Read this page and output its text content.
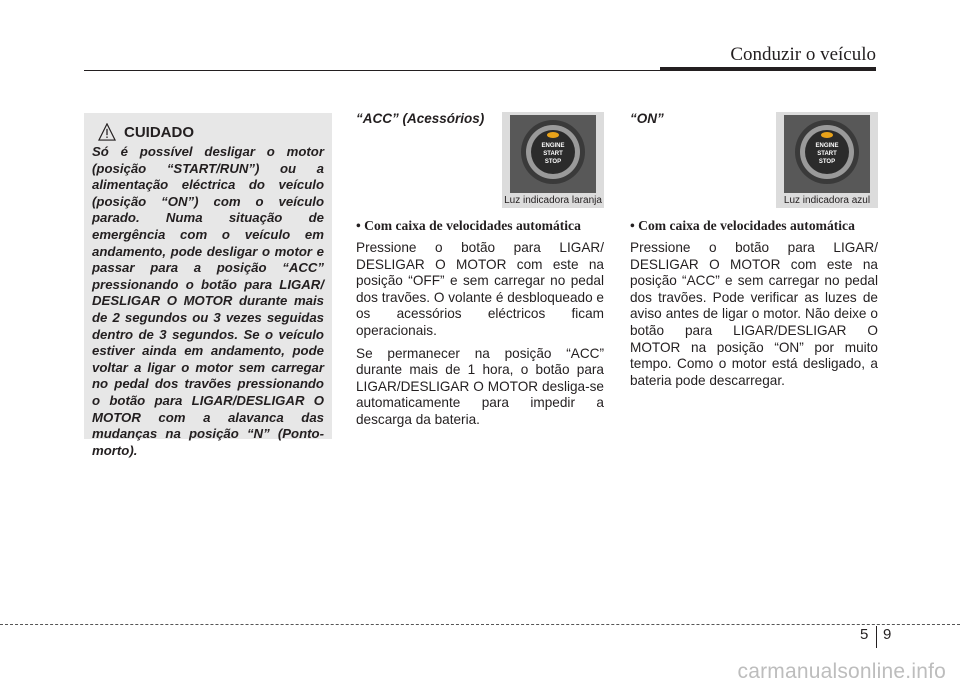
Conduzir o veículo
CUIDADO

Só é possível desligar o motor (posição “START/RUN”) ou a alimentação eléctrica do veículo (posição “ON”) com o veículo parado. Numa situação de emergência com o veículo em andamento, pode desligar o motor e passar para a posição “ACC” pressionando o botão para LIGAR/ DESLIGAR O MOTOR durante mais de 2 segundos ou 3 vezes seguidas dentro de 3 segundos. Se o veículo estiver ainda em andamento, pode voltar a ligar o motor sem carregar no pedal dos travões pressionando o botão para LIGAR/DESLIGAR O MOTOR com a alavanca das mudanças na posição “N” (Ponto-morto).

“ACC” (Acessórios)
ENGINE
START
STOP
Luz indicadora laranja

• Com caixa de velocidades automática

Pressione o botão para LIGAR/ DESLIGAR O MOTOR com este na posição “OFF” e sem carregar no pedal dos travões. O volante é desbloqueado e os acessórios eléctricos ficam operacionais.

Se permanecer na posição “ACC” durante mais de 1 hora, o botão para LIGAR/DESLIGAR O MOTOR desliga-se automaticamente para impedir a descarga da bateria.

“ON”
ENGINE
START
STOP
Luz indicadora azul

• Com caixa de velocidades automática

Pressione o botão para LIGAR/ DESLIGAR O MOTOR com este na posição “ACC” e sem carregar no pedal dos travões. Pode verificar as luzes de aviso antes de ligar o motor. Não deixe o botão para LIGAR/DESLIGAR O MOTOR na posição “ON” por muito tempo. Como o motor está desligado, a bateria pode descarregar.

5 9
carmanualsonline.info
